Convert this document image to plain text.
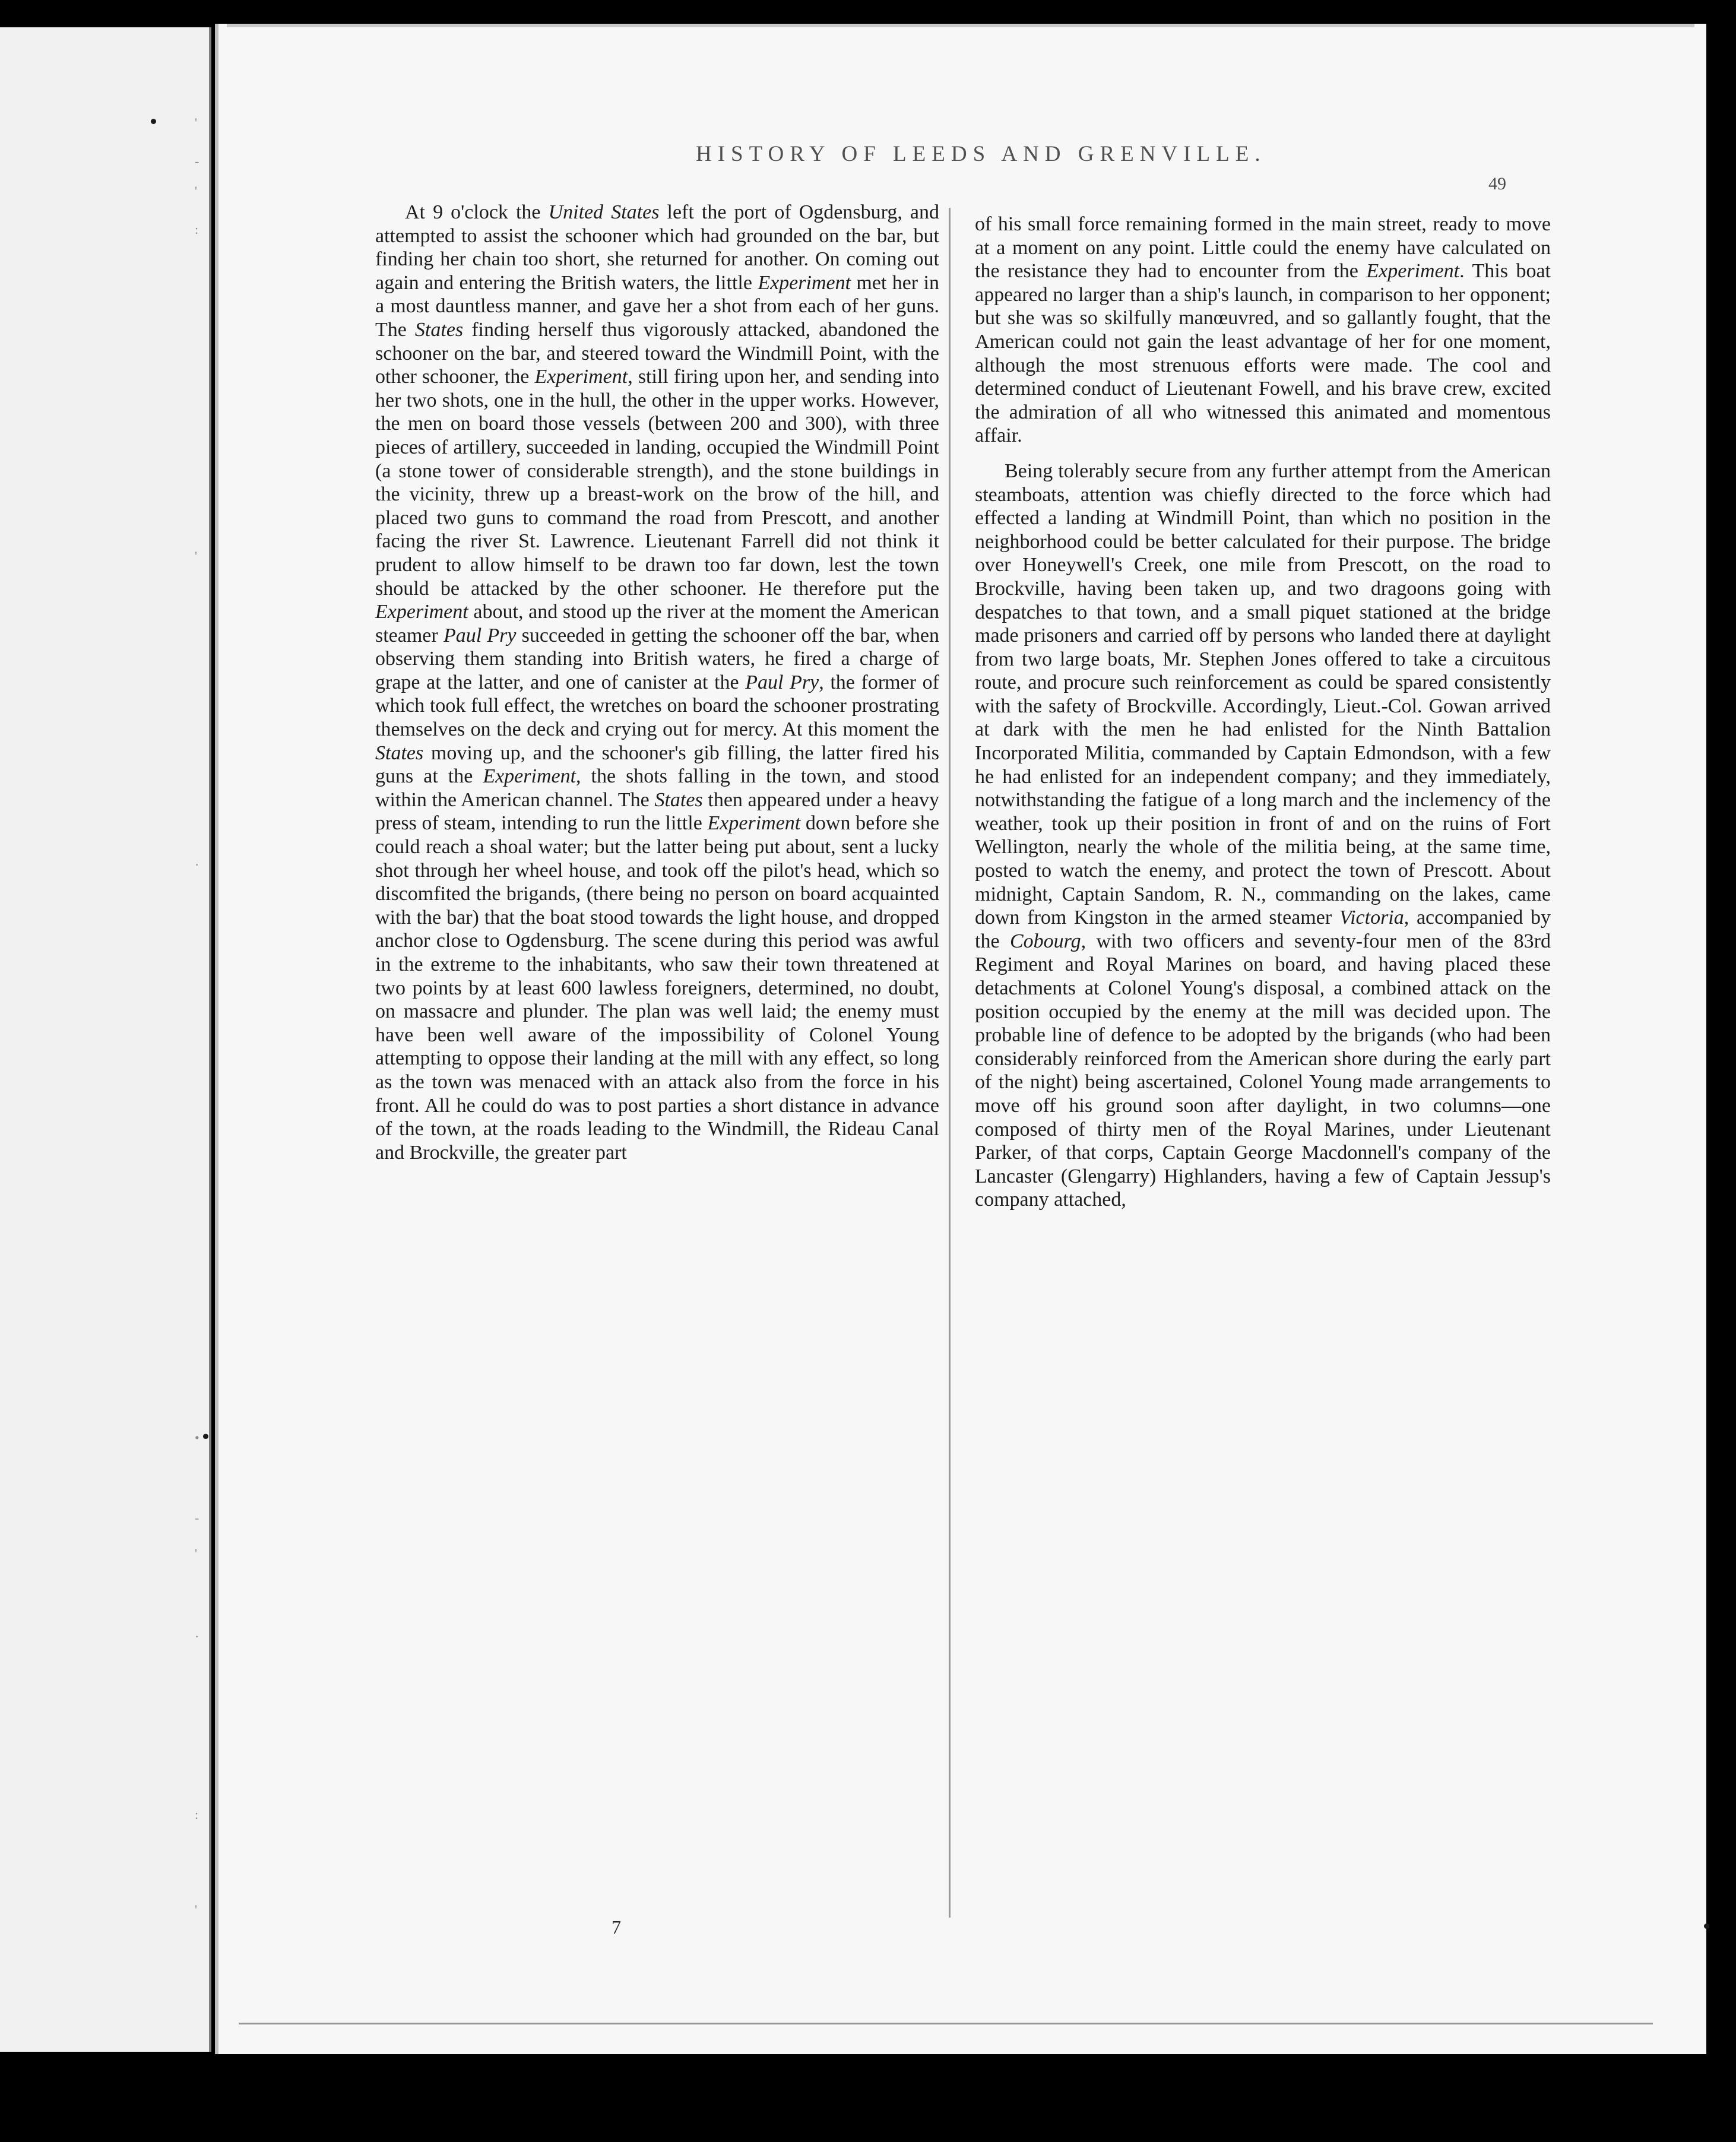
'
-
'
:
'
·
•
-
'
·
:
'
HISTORY OF LEEDS AND GRENVILLE.
49

At 9 o'clock the United States left the port of Ogdensburg, and attempted to assist the schooner which had grounded on the bar, but finding her chain too short, she returned for another. On coming out again and entering the British waters, the little Experiment met her in a most dauntless manner, and gave her a shot from each of her guns. The States finding herself thus vigorously attacked, abandoned the schooner on the bar, and steered toward the Windmill Point, with the other schooner, the Experiment, still firing upon her, and sending into her two shots, one in the hull, the other in the upper works. However, the men on board those vessels (between 200 and 300), with three pieces of artillery, succeeded in landing, occupied the Windmill Point (a stone tower of considerable strength), and the stone buildings in the vicinity, threw up a breast-work on the brow of the hill, and placed two guns to command the road from Prescott, and another facing the river St. Lawrence. Lieutenant Farrell did not think it prudent to allow himself to be drawn too far down, lest the town should be attacked by the other schooner. He therefore put the Experiment about, and stood up the river at the moment the American steamer Paul Pry succeeded in getting the schooner off the bar, when observing them standing into British waters, he fired a charge of grape at the latter, and one of canister at the Paul Pry, the former of which took full effect, the wretches on board the schooner prostrating themselves on the deck and crying out for mercy. At this moment the States moving up, and the schooner's gib filling, the latter fired his guns at the Experiment, the shots falling in the town, and stood within the American channel. The States then appeared under a heavy press of steam, intending to run the little Experiment down before she could reach a shoal water; but the latter being put about, sent a lucky shot through her wheel house, and took off the pilot's head, which so discomfited the brigands, (there being no person on board acquainted with the bar) that the boat stood towards the light house, and dropped anchor close to Ogdensburg. The scene during this period was awful in the extreme to the inhabitants, who saw their town threatened at two points by at least 600 lawless foreigners, determined, no doubt, on massacre and plunder. The plan was well laid; the enemy must have been well aware of the impossibility of Colonel Young attempting to oppose their landing at the mill with any effect, so long as the town was menaced with an attack also from the force in his front. All he could do was to post parties a short distance in advance of the town, at the roads leading to the Windmill, the Rideau Canal and Brockville, the greater part

of his small force remaining formed in the main street, ready to move at a moment on any point. Little could the enemy have calculated on the resistance they had to encounter from the Experiment. This boat appeared no larger than a ship's launch, in comparison to her opponent; but she was so skilfully manœuvred, and so gallantly fought, that the American could not gain the least advantage of her for one moment, although the most strenuous efforts were made. The cool and determined conduct of Lieutenant Fowell, and his brave crew, excited the admiration of all who witnessed this animated and momentous affair.

Being tolerably secure from any further attempt from the American steamboats, attention was chiefly directed to the force which had effected a landing at Windmill Point, than which no position in the neighborhood could be better calculated for their purpose. The bridge over Honeywell's Creek, one mile from Prescott, on the road to Brockville, having been taken up, and two dragoons going with despatches to that town, and a small piquet stationed at the bridge made prisoners and carried off by persons who landed there at daylight from two large boats, Mr. Stephen Jones offered to take a circuitous route, and procure such reinforcement as could be spared consistently with the safety of Brockville. Accordingly, Lieut.-Col. Gowan arrived at dark with the men he had enlisted for the Ninth Battalion Incorporated Militia, commanded by Captain Edmondson, with a few he had enlisted for an independent company; and they immediately, notwithstanding the fatigue of a long march and the inclemency of the weather, took up their position in front of and on the ruins of Fort Wellington, nearly the whole of the militia being, at the same time, posted to watch the enemy, and protect the town of Prescott. About midnight, Captain Sandom, R. N., commanding on the lakes, came down from Kingston in the armed steamer Victoria, accompanied by the Cobourg, with two officers and seventy-four men of the 83rd Regiment and Royal Marines on board, and having placed these detachments at Colonel Young's disposal, a combined attack on the position occupied by the enemy at the mill was decided upon. The probable line of defence to be adopted by the brigands (who had been considerably reinforced from the American shore during the early part of the night) being ascertained, Colonel Young made arrangements to move off his ground soon after daylight, in two columns—one composed of thirty men of the Royal Marines, under Lieutenant Parker, of that corps, Captain George Macdonnell's company of the Lancaster (Glengarry) Highlanders, having a few of Captain Jessup's company attached,

7
